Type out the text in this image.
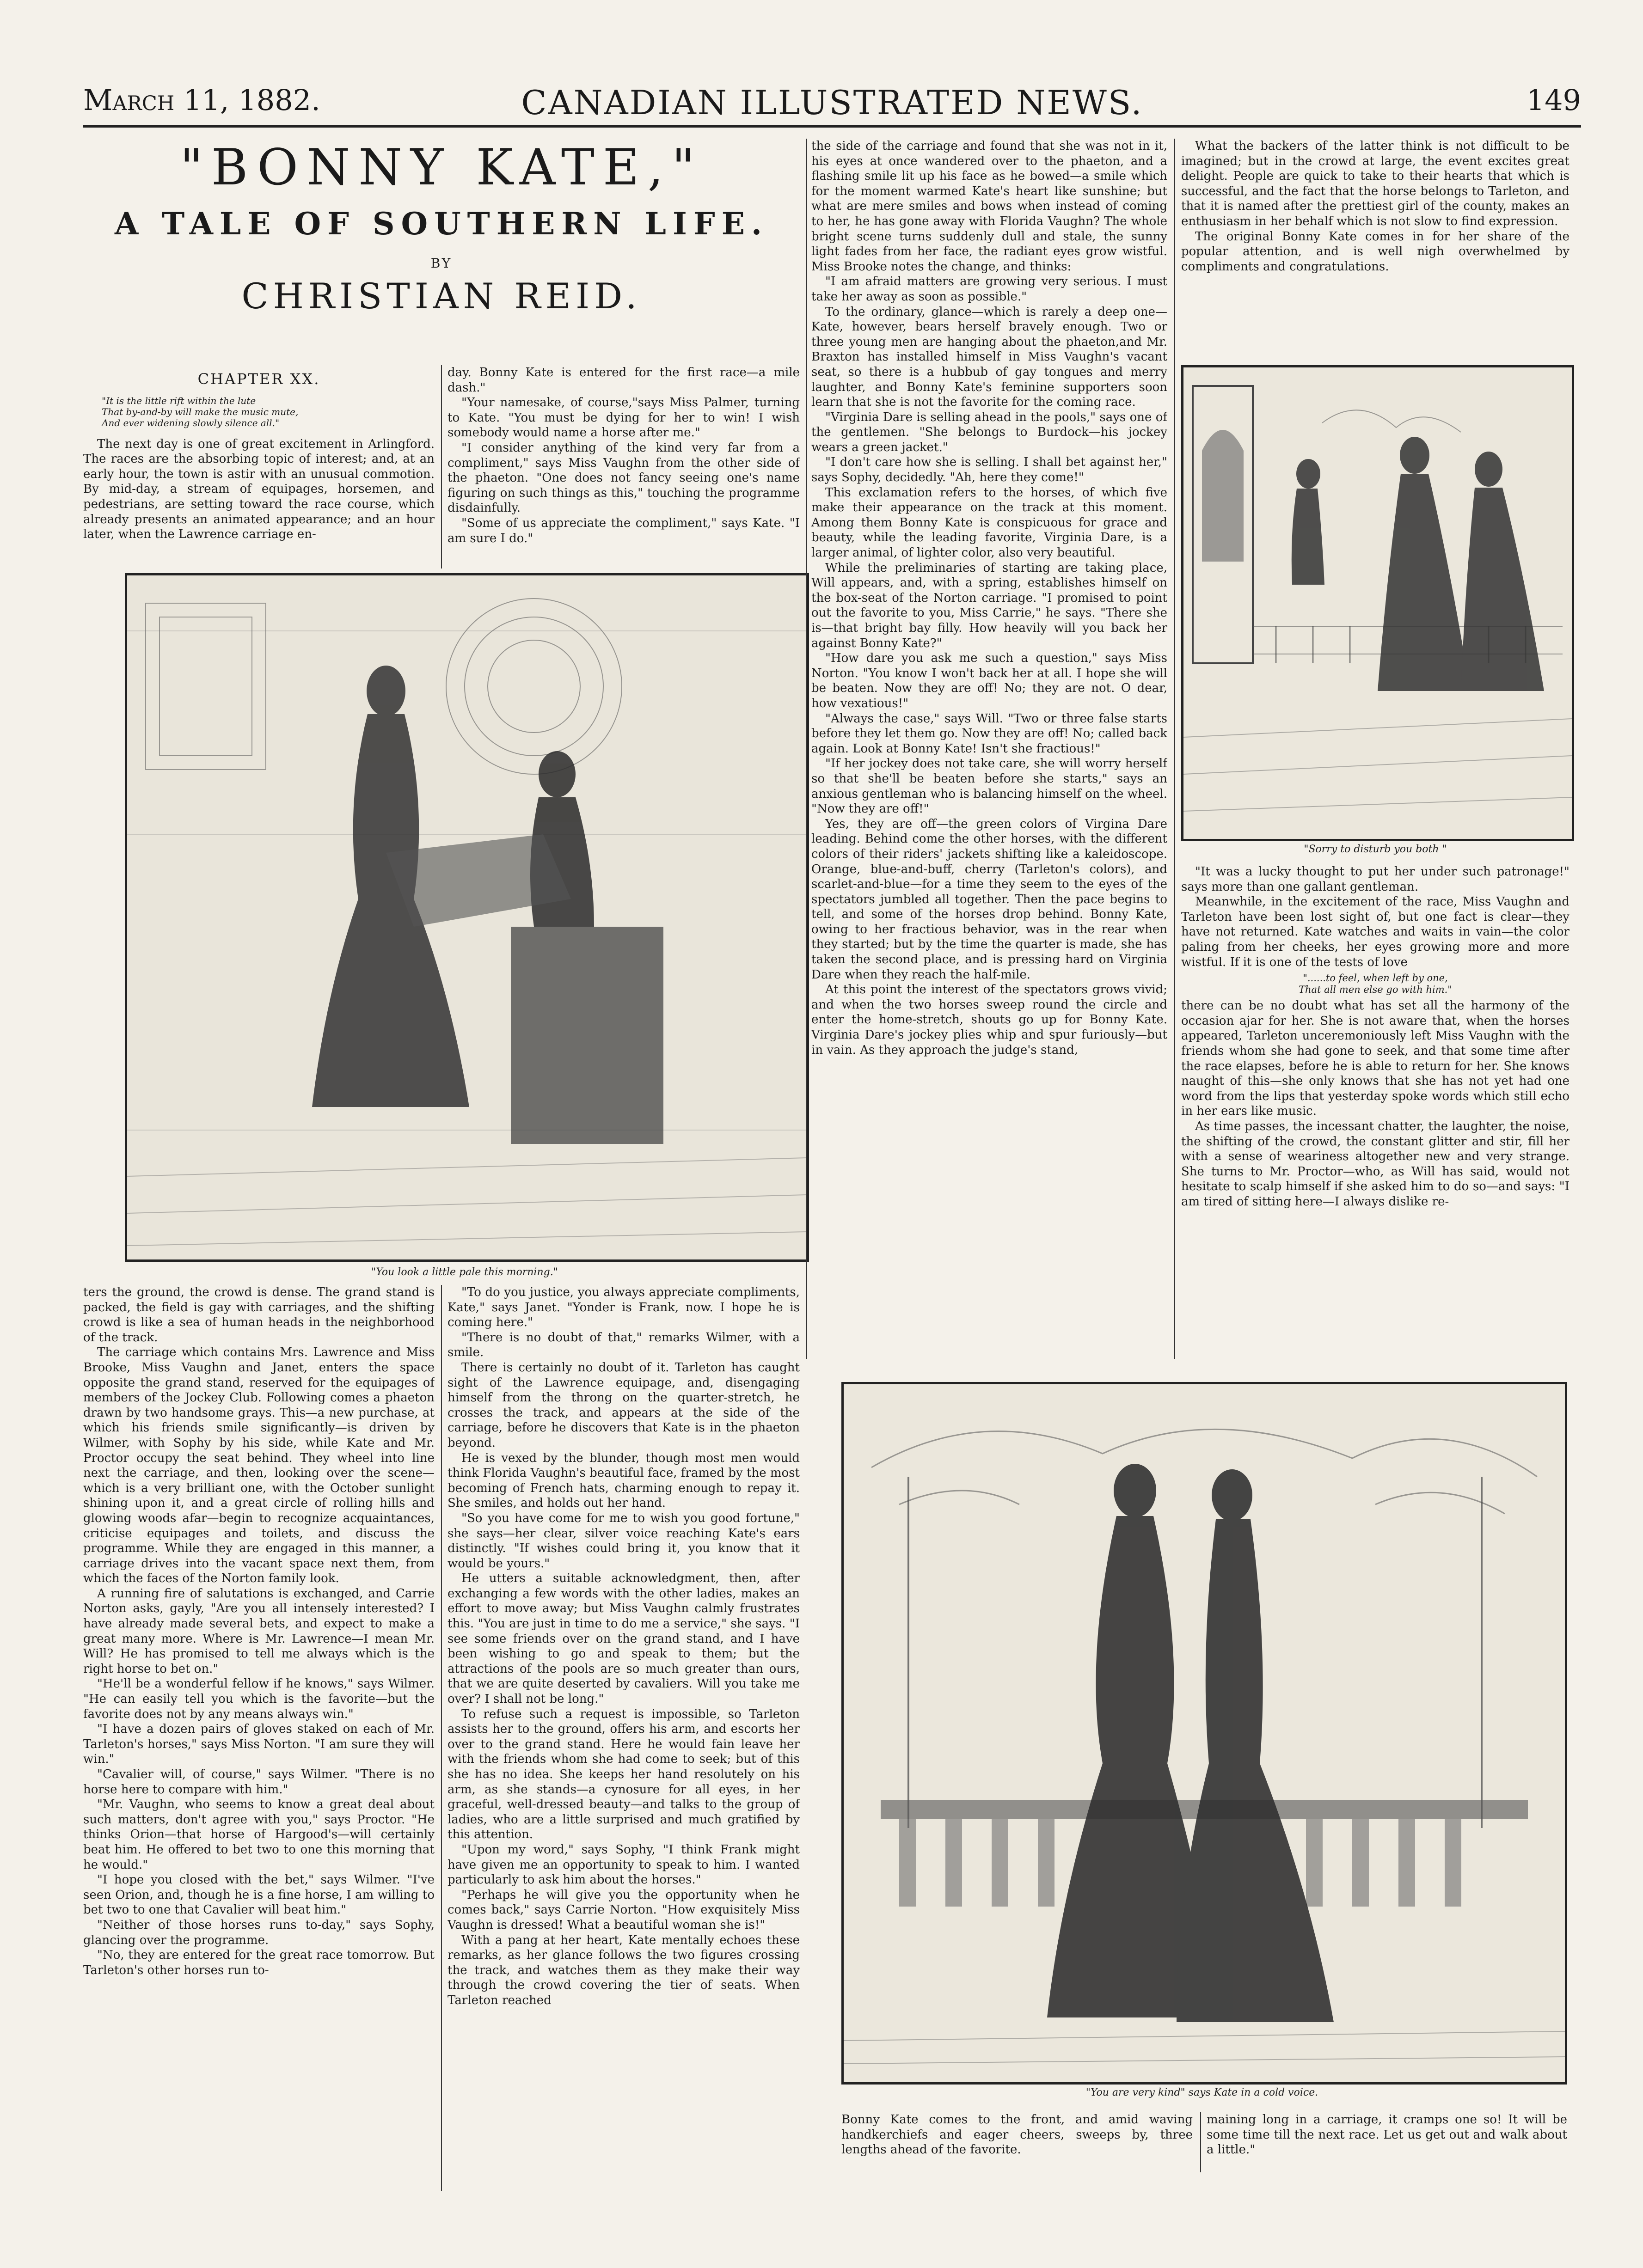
CANADIAN ILLUSTRATED NEWS.
March 11, 1882.	149
"BONNY KATE,"
A TALE OF SOUTHERN LIFE.
BY
CHRISTIAN REID.
CHAPTER XX.
"It is the little rift within the lute
That by-and-by will make the music mute,
And ever widening slowly silence all."

The next day is one of great excitement in Arlingford. The races are the absorbing topic of interest; and, at an early hour, the town is astir with an unusual commotion. By mid-day, a stream of equipages, horsemen, and pedestrians, are setting toward the race course, which already presents an animated appearance; and an hour later, when the Lawrence carriage en-

day. Bonny Kate is entered for the first race—a mile dash."

"Your namesake, of course,"says Miss Palmer, turning to Kate. "You must be dying for her to win! I wish somebody would name a horse after me."

"I consider anything of the kind very far from a compliment," says Miss Vaughn from the other side of the phaeton. "One does not fancy seeing one's name figuring on such things as this," touching the programme disdainfully.

"Some of us appreciate the compliment," says Kate. "I am sure I do."

"You look a little pale this morning."

ters the ground, the crowd is dense. The grand stand is packed, the field is gay with carriages, and the shifting crowd is like a sea of human heads in the neighborhood of the track.

The carriage which contains Mrs. Lawrence and Miss Brooke, Miss Vaughn and Janet, enters the space opposite the grand stand, reserved for the equipages of members of the Jockey Club. Following comes a phaeton drawn by two handsome grays. This—a new purchase, at which his friends smile significantly—is driven by Wilmer, with Sophy by his side, while Kate and Mr. Proctor occupy the seat behind. They wheel into line next the carriage, and then, looking over the scene—which is a very brilliant one, with the October sunlight shining upon it, and a great circle of rolling hills and glowing woods afar—begin to recognize acquaintances, criticise equipages and toilets, and discuss the programme. While they are engaged in this manner, a carriage drives into the vacant space next them, from which the faces of the Norton family look.

A running fire of salutations is exchanged, and Carrie Norton asks, gayly, "Are you all intensely interested? I have already made several bets, and expect to make a great many more. Where is Mr. Lawrence—I mean Mr. Will? He has promised to tell me always which is the right horse to bet on."

"He'll be a wonderful fellow if he knows," says Wilmer. "He can easily tell you which is the favorite—but the favorite does not by any means always win."

"I have a dozen pairs of gloves staked on each of Mr. Tarleton's horses," says Miss Norton. "I am sure they will win."

"Cavalier will, of course," says Wilmer. "There is no horse here to compare with him."

"Mr. Vaughn, who seems to know a great deal about such matters, don't agree with you," says Proctor. "He thinks Orion—that horse of Hargood's—will certainly beat him. He offered to bet two to one this morning that he would."

"I hope you closed with the bet," says Wilmer. "I've seen Orion, and, though he is a fine horse, I am willing to bet two to one that Cavalier will beat him."

"Neither of those horses runs to-day," says Sophy, glancing over the programme.

"No, they are entered for the great race tomorrow. But Tarleton's other horses run to-

"To do you justice, you always appreciate compliments, Kate," says Janet. "Yonder is Frank, now. I hope he is coming here."

"There is no doubt of that," remarks Wilmer, with a smile.

There is certainly no doubt of it. Tarleton has caught sight of the Lawrence equipage, and, disengaging himself from the throng on the quarter-stretch, he crosses the track, and appears at the side of the carriage, before he discovers that Kate is in the phaeton beyond.

He is vexed by the blunder, though most men would think Florida Vaughn's beautiful face, framed by the most becoming of French hats, charming enough to repay it. She smiles, and holds out her hand.

"So you have come for me to wish you good fortune," she says—her clear, silver voice reaching Kate's ears distinctly. "If wishes could bring it, you know that it would be yours."

He utters a suitable acknowledgment, then, after exchanging a few words with the other ladies, makes an effort to move away; but Miss Vaughn calmly frustrates this. "You are just in time to do me a service," she says. "I see some friends over on the grand stand, and I have been wishing to go and speak to them; but the attractions of the pools are so much greater than ours, that we are quite deserted by cavaliers. Will you take me over? I shall not be long."

To refuse such a request is impossible, so Tarleton assists her to the ground, offers his arm, and escorts her over to the grand stand. Here he would fain leave her with the friends whom she had come to seek; but of this she has no idea. She keeps her hand resolutely on his arm, as she stands—a cynosure for all eyes, in her graceful, well-dressed beauty—and talks to the group of ladies, who are a little surprised and much gratified by this attention.

"Upon my word," says Sophy, "I think Frank might have given me an opportunity to speak to him. I wanted particularly to ask him about the horses."

"Perhaps he will give you the opportunity when he comes back," says Carrie Norton. "How exquisitely Miss Vaughn is dressed! What a beautiful woman she is!"

With a pang at her heart, Kate mentally echoes these remarks, as her glance follows the two figures crossing the track, and watches them as they make their way through the crowd covering the tier of seats. When Tarleton reached

the side of the carriage and found that she was not in it, his eyes at once wandered over to the phaeton, and a flashing smile lit up his face as he bowed—a smile which for the moment warmed Kate's heart like sunshine; but what are mere smiles and bows when instead of coming to her, he has gone away with Florida Vaughn? The whole bright scene turns suddenly dull and stale, the sunny light fades from her face, the radiant eyes grow wistful. Miss Brooke notes the change, and thinks:

"I am afraid matters are growing very serious. I must take her away as soon as possible."

To the ordinary, glance—which is rarely a deep one—Kate, however, bears herself bravely enough. Two or three young men are hanging about the phaeton,and Mr. Braxton has installed himself in Miss Vaughn's vacant seat, so there is a hubbub of gay tongues and merry laughter, and Bonny Kate's feminine supporters soon learn that she is not the favorite for the coming race.

"Virginia Dare is selling ahead in the pools," says one of the gentlemen. "She belongs to Burdock—his jockey wears a green jacket."

"I don't care how she is selling. I shall bet against her," says Sophy, decidedly. "Ah, here they come!"

This exclamation refers to the horses, of which five make their appearance on the track at this moment. Among them Bonny Kate is conspicuous for grace and beauty, while the leading favorite, Virginia Dare, is a larger animal, of lighter color, also very beautiful.

While the preliminaries of starting are taking place, Will appears, and, with a spring, establishes himself on the box-seat of the Norton carriage. "I promised to point out the favorite to you, Miss Carrie," he says. "There she is—that bright bay filly. How heavily will you back her against Bonny Kate?"

"How dare you ask me such a question," says Miss Norton. "You know I won't back her at all. I hope she will be beaten. Now they are off! No; they are not. O dear, how vexatious!"

"Always the case," says Will. "Two or three false starts before they let them go. Now they are off! No; called back again. Look at Bonny Kate! Isn't she fractious!"

"If her jockey does not take care, she will worry herself so that she'll be beaten before she starts," says an anxious gentleman who is balancing himself on the wheel. "Now they are off!"

Yes, they are off—the green colors of Virgina Dare leading. Behind come the other horses, with the different colors of their riders' jackets shifting like a kaleidoscope. Orange, blue-and-buff, cherry (Tarleton's colors), and scarlet-and-blue—for a time they seem to the eyes of the spectators jumbled all together. Then the pace begins to tell, and some of the horses drop behind. Bonny Kate, owing to her fractious behavior, was in the rear when they started; but by the time the quarter is made, she has taken the second place, and is pressing hard on Virginia Dare when they reach the half-mile.

At this point the interest of the spectators grows vivid; and when the two horses sweep round the circle and enter the home-stretch, shouts go up for Bonny Kate. Virginia Dare's jockey plies whip and spur furiously—but in vain. As they approach the judge's stand,

What the backers of the latter think is not difficult to be imagined; but in the crowd at large, the event excites great delight. People are quick to take to their hearts that which is successful, and the fact that the horse belongs to Tarleton, and that it is named after the prettiest girl of the county, makes an enthusiasm in her behalf which is not slow to find expression.

The original Bonny Kate comes in for her share of the popular attention, and is well nigh overwhelmed by compliments and congratulations.

"Sorry to disturb you both "

"It was a lucky thought to put her under such patronage!" says more than one gallant gentleman.

Meanwhile, in the excitement of the race, Miss Vaughn and Tarleton have been lost sight of, but one fact is clear—they have not returned. Kate watches and waits in vain—the color paling from her cheeks, her eyes growing more and more wistful. If it is one of the tests of love

"......to feel, when left by one,
That all men else go with him."

there can be no doubt what has set all the harmony of the occasion ajar for her. She is not aware that, when the horses appeared, Tarleton unceremoniously left Miss Vaughn with the friends whom she had gone to seek, and that some time after the race elapses, before he is able to return for her. She knows naught of this—she only knows that she has not yet had one word from the lips that yesterday spoke words which still echo in her ears like music.

As time passes, the incessant chatter, the laughter, the noise, the shifting of the crowd, the constant glitter and stir, fill her with a sense of weariness altogether new and very strange. She turns to Mr. Proctor—who, as Will has said, would not hesitate to scalp himself if she asked him to do so—and says: "I am tired of sitting here—I always dislike re-

"You are very kind" says Kate in a cold voice.

Bonny Kate comes to the front, and amid waving handkerchiefs and eager cheers, sweeps by, three lengths ahead of the favorite.

maining long in a carriage, it cramps one so! It will be some time till the next race. Let us get out and walk about a little."
